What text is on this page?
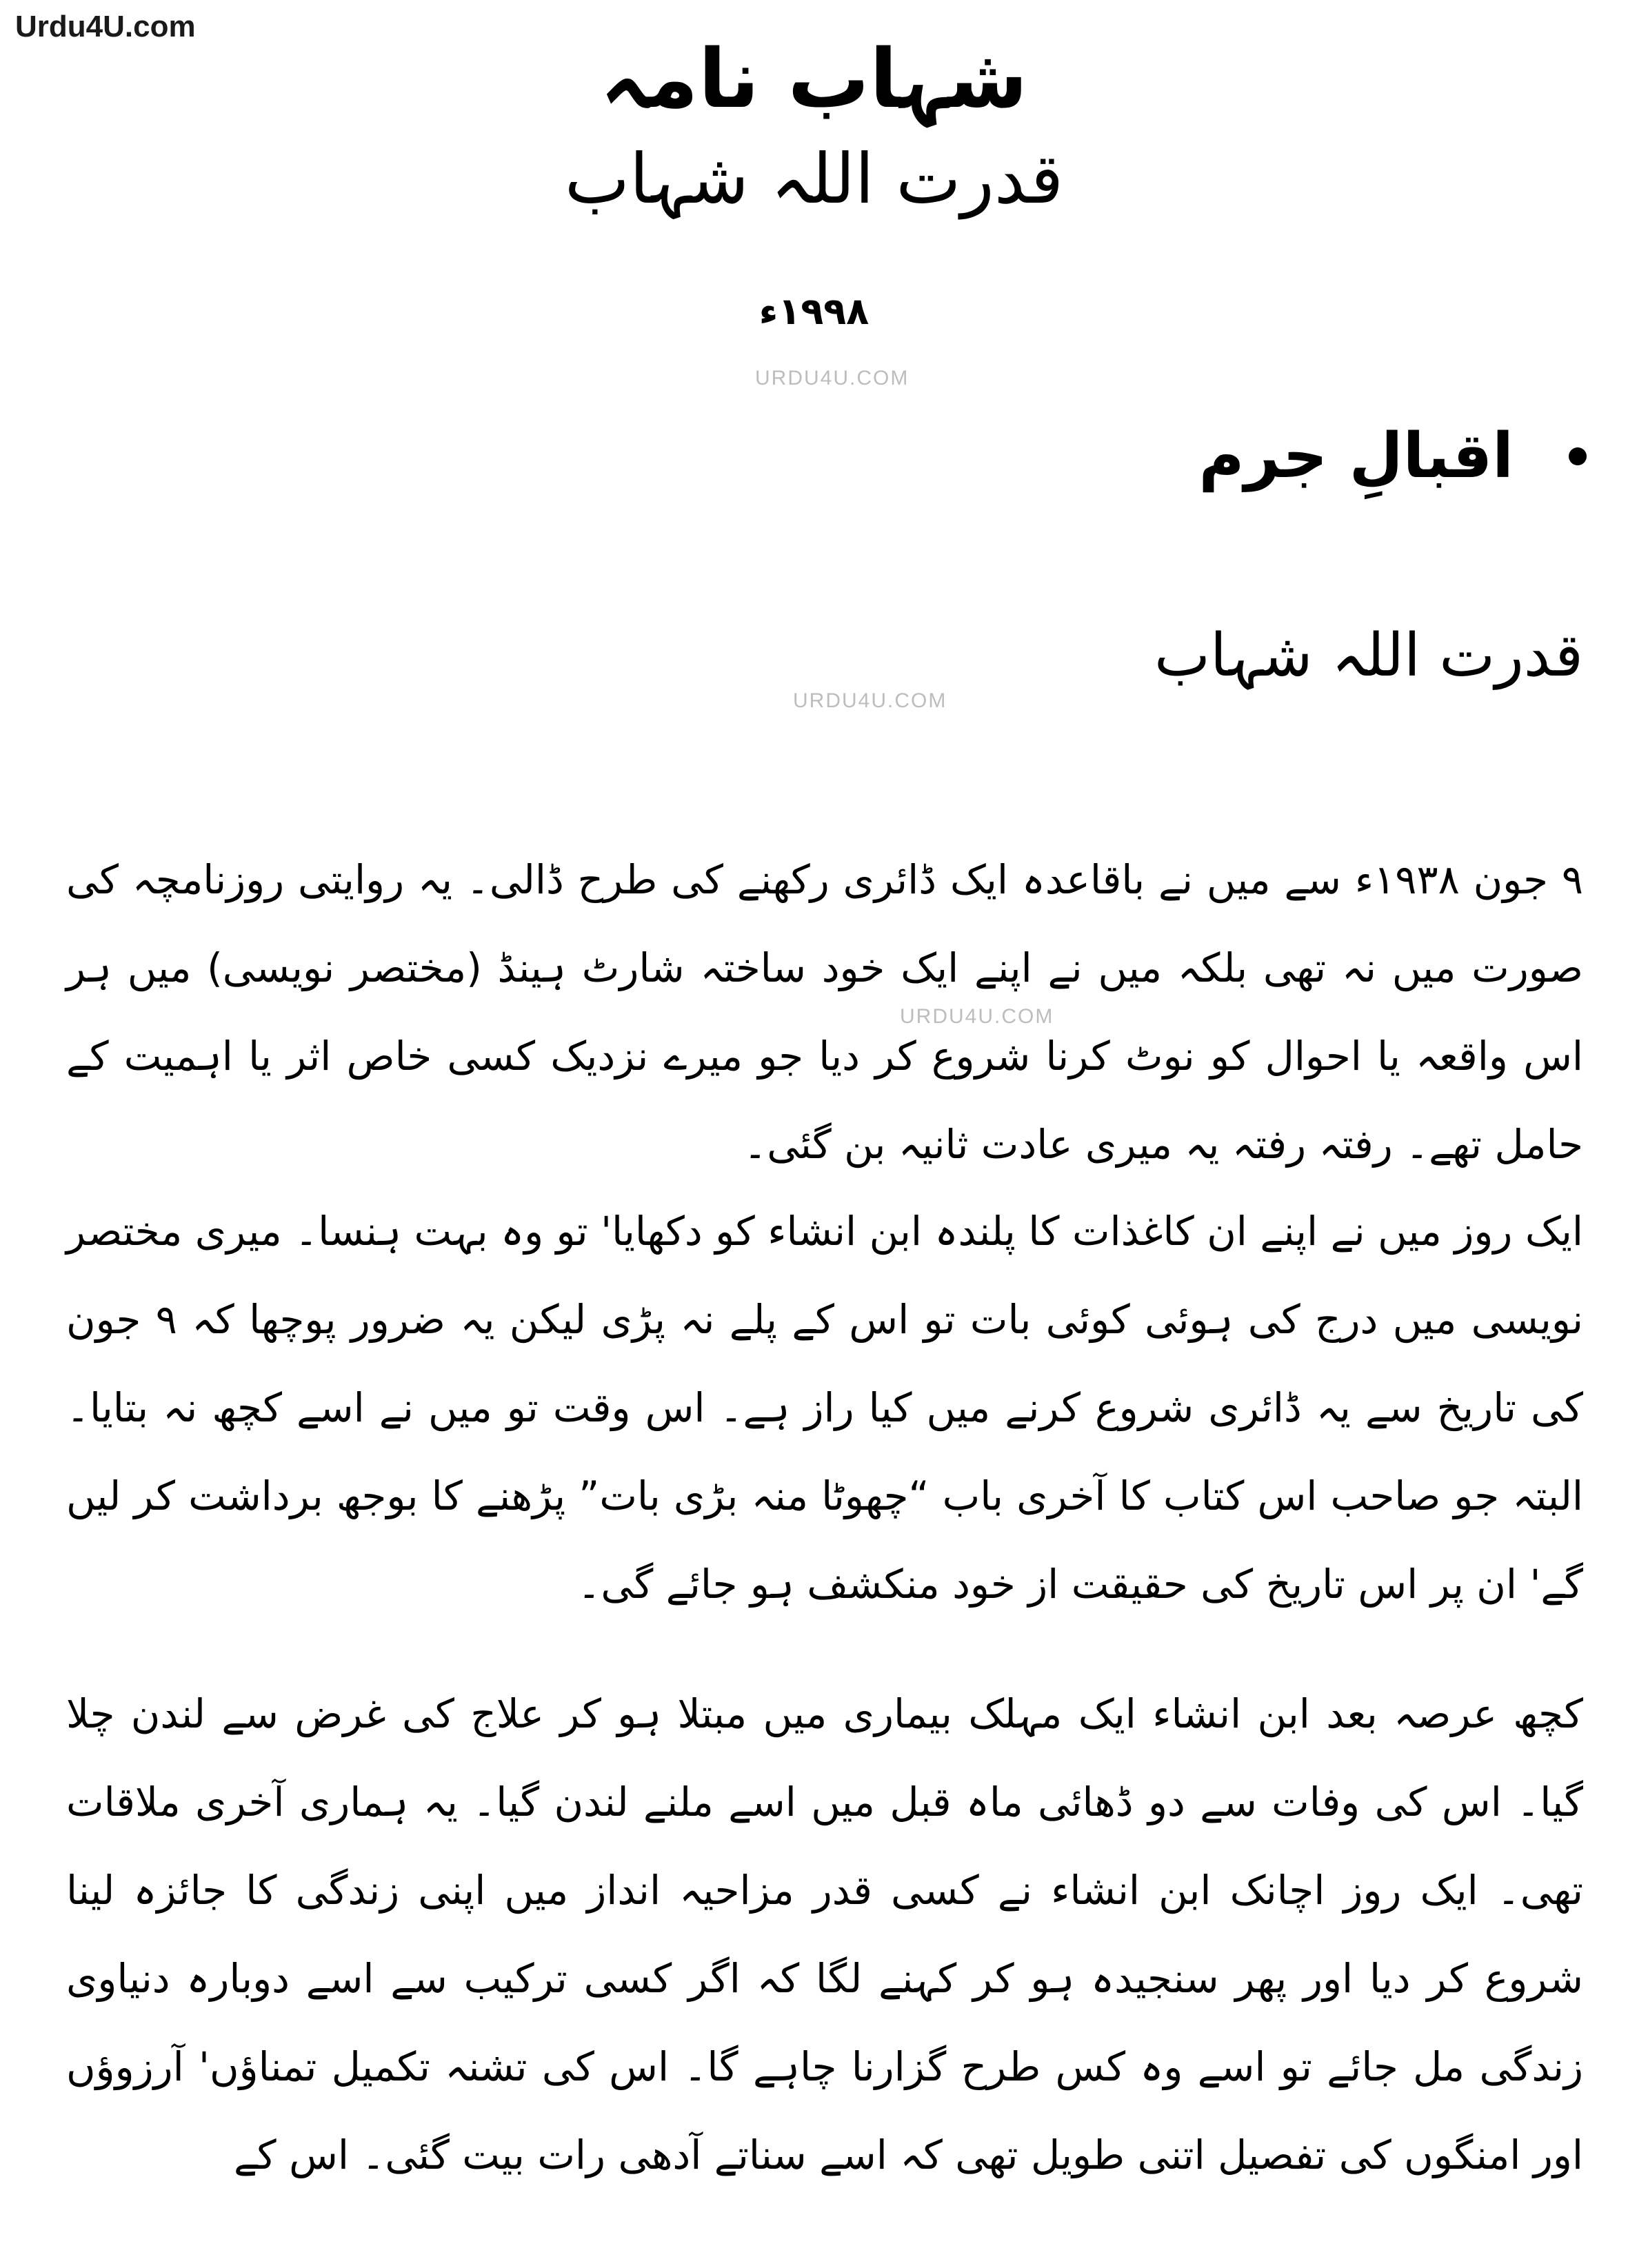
Urdu4U.com
شہاب نامہ
قدرت اللہ شہاب
۱۹۹۸ء
URDU4U.COM
URDU4U.COM
URDU4U.COM
اقبالِ جرم
قدرت اللہ شہاب

۹ جون ۱۹۳۸ء سے میں نے باقاعدہ ایک ڈائری رکھنے کی طرح ڈالی۔ یہ روایتی روزنامچہ کی صورت میں نہ تھی بلکہ میں نے اپنے ایک خود ساختہ شارٹ ہینڈ (مختصر نویسی) میں ہر اس واقعہ یا احوال کو نوٹ کرنا شروع کر دیا جو میرے نزدیک کسی خاص اثر یا اہمیت کے حامل تھے۔ رفتہ رفتہ یہ میری عادت ثانیہ بن گئی۔

ایک روز میں نے اپنے ان کاغذات کا پلندہ ابن انشاء کو دکھایا' تو وہ بہت ہنسا۔ میری مختصر نویسی میں درج کی ہوئی کوئی بات تو اس کے پلے نہ پڑی لیکن یہ ضرور پوچھا کہ ۹ جون کی تاریخ سے یہ ڈائری شروع کرنے میں کیا راز ہے۔ اس وقت تو میں نے اسے کچھ نہ بتایا۔ البتہ جو صاحب اس کتاب کا آخری باب “چھوٹا منہ بڑی بات” پڑھنے کا بوجھ برداشت کر لیں گے' ان پر اس تاریخ کی حقیقت از خود منکشف ہو جائے گی۔

کچھ عرصہ بعد ابن انشاء ایک مہلک بیماری میں مبتلا ہو کر علاج کی غرض سے لندن چلا گیا۔ اس کی وفات سے دو ڈھائی ماہ قبل میں اسے ملنے لندن گیا۔ یہ ہماری آخری ملاقات تھی۔ ایک روز اچانک ابن انشاء نے کسی قدر مزاحیہ انداز میں اپنی زندگی کا جائزہ لینا شروع کر دیا اور پھر سنجیدہ ہو کر کہنے لگا کہ اگر کسی ترکیب سے اسے دوبارہ دنیاوی زندگی مل جائے تو اسے وہ کس طرح گزارنا چاہے گا۔ اس کی تشنہ تکمیل تمناؤں' آرزوؤں اور امنگوں کی تفصیل اتنی طویل تھی کہ اسے سناتے آدھی رات بیت گئی۔ اس کے
